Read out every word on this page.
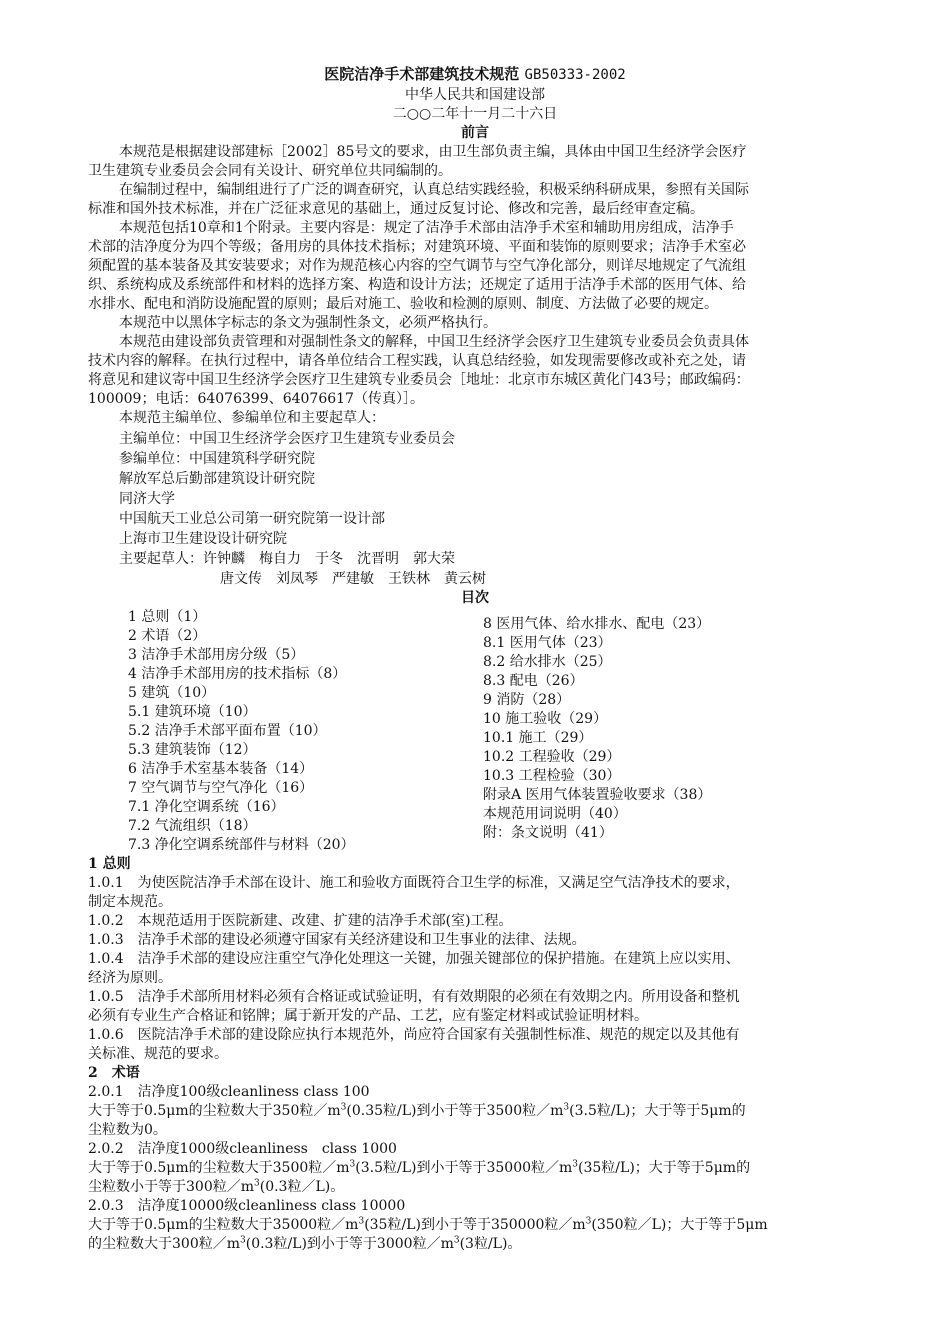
医院洁净手术部建筑技术规范 GB50333-2002
中华人民共和国建设部
二○○二年十一月二十六日
前言
本规范是根据建设部建标［2002］85号文的要求，由卫生部负责主编，具体由中国卫生经济学会医疗
卫生建筑专业委员会会同有关设计、研究单位共同编制的。
在编制过程中，编制组进行了广泛的调查研究，认真总结实践经验，积极采纳科研成果，参照有关国际
标准和国外技术标准，并在广泛征求意见的基础上，通过反复讨论、修改和完善，最后经审查定稿。
本规范包括10章和1个附录。主要内容是：规定了洁净手术部由洁净手术室和辅助用房组成，洁净手
术部的洁净度分为四个等级；备用房的具体技术指标；对建筑环境、平面和装饰的原则要求；洁净手术室必
须配置的基本装备及其安装要求；对作为规范核心内容的空气调节与空气净化部分，则详尽地规定了气流组
织、系统构成及系统部件和材料的选择方案、构造和设计方法；还规定了适用于洁净手术部的医用气体、给
水排水、配电和消防设施配置的原则；最后对施工、验收和检测的原则、制度、方法做了必要的规定。
本规范中以黑体字标志的条文为强制性条文，必须严格执行。
本规范由建设部负责管理和对强制性条文的解释，中国卫生经济学会医疗卫生建筑专业委员会负责具体
技术内容的解释。在执行过程中，请各单位结合工程实践，认真总结经验，如发现需要修改或补充之处，请
将意见和建议寄中国卫生经济学会医疗卫生建筑专业委员会［地址：北京市东城区黄化门43号；邮政编码：
100009；电话：64076399、64076617（传真）］。
本规范主编单位、参编单位和主要起草人：
主编单位：中国卫生经济学会医疗卫生建筑专业委员会
参编单位：中国建筑科学研究院
解放军总后勤部建筑设计研究院
同济大学
中国航天工业总公司第一研究院第一设计部
上海市卫生建设设计研究院
主要起草人：许钟麟　梅自力　于冬　沈晋明　郭大荣
唐文传　刘凤琴　严建敏　王铁林　黄云树
目次
1 总则（1）
2 术语（2）
3 洁净手术部用房分级（5）
4 洁净手术部用房的技术指标（8）
5 建筑（10）
5.1 建筑环境（10）
5.2 洁净手术部平面布置（10）
5.3 建筑装饰（12）
6 洁净手术室基本装备（14）
7 空气调节与空气净化（16）
7.1 净化空调系统（16）
7.2 气流组织（18）
7.3 净化空调系统部件与材料（20）
8 医用气体、给水排水、配电（23）
8.1 医用气体（23）
8.2 给水排水（25）
8.3 配电（26）
9 消防（28）
10 施工验收（29）
10.1 施工（29）
10.2 工程验收（29）
10.3 工程检验（30）
附录A 医用气体装置验收要求（38）
本规范用词说明（40）
附：条文说明（41）
1 总则
1.0.1　为使医院洁净手术部在设计、施工和验收方面既符合卫生学的标准，又满足空气洁净技术的要求，
制定本规范。
1.0.2　本规范适用于医院新建、改建、扩建的洁净手术部(室)工程。
1.0.3　洁净手术部的建设必须遵守国家有关经济建设和卫生事业的法律、法规。
1.0.4　洁净手术部的建设应注重空气净化处理这一关键，加强关键部位的保护措施。在建筑上应以实用、
经济为原则。
1.0.5　洁净手术部所用材料必须有合格证或试验证明，有有效期限的必须在有效期之内。所用设备和整机
必须有专业生产合格证和铭牌；属于新开发的产品、工艺，应有鉴定材料或试验证明材料。
1.0.6　医院洁净手术部的建设除应执行本规范外，尚应符合国家有关强制性标准、规范的规定以及其他有
关标准、规范的要求。
2　术语
2.0.1　洁净度100级cleanliness class 100
大于等于0.5μm的尘粒数大于350粒$/m^3(0.35$粒/L)到小于等于3500粒$/m^3(3.5$粒/L)；大于等于5μm的
尘粒数为0。
2.0.2　洁净度1000级cleanliness　class 1000
大于等于0.5μm的尘粒数大于3500粒$/m^3(3.5$粒/L)到小于等于35000粒$/m^3(35$粒/L)；大于等于5μm的
尘粒数小于等于300粒$/m^3(0.3$粒／L)。
2.0.3　洁净度10000级cleanliness class 10000
大于等于0.5μm的尘粒数大于35000粒$/m^3(35$粒/L)到小于等于350000粒$/m^3(350$粒／L)；大于等于5μm
的尘粒数大于300粒$/m^3(0.3$粒/L)到小于等于3000粒$/m^3(3$粒/L)。
